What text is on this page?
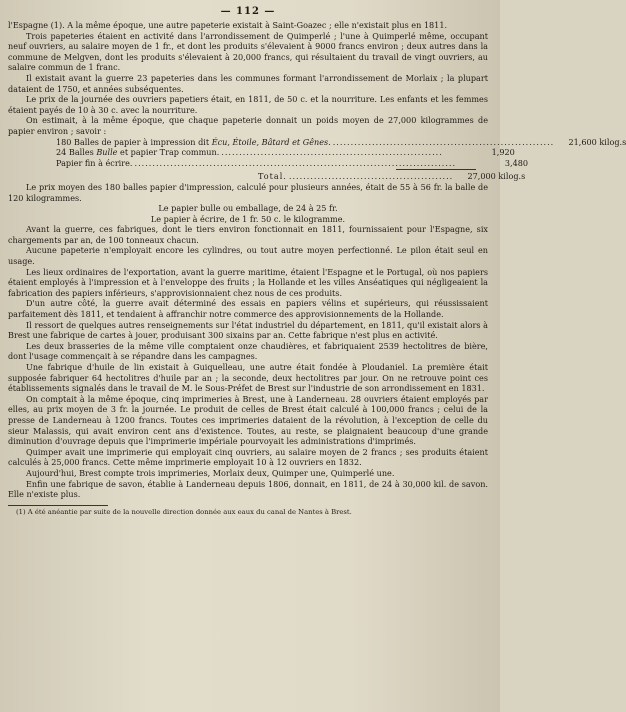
— 112 —

l'Espagne (1). A la même époque, une autre papeterie existait à Saint-Goazec ; elle n'existait plus en 1811.

Trois papeteries étaient en activité dans l'arrondissement de Quimperlé ; l'une à Quimperlé même, occupant neuf ouvriers, au salaire moyen de 1 fr., et dont les produits s'élevaient à 9000 francs environ ; deux autres dans la commune de Melgven, dont les produits s'élevaient à 20,000 francs, qui résultaient du travail de vingt ouvriers, au salaire commun de 1 franc.

Il existait avant la guerre 23 papeteries dans les communes formant l'arrondissement de Morlaix ; la plupart dataient de 1750, et années subséquentes.

Le prix de la journée des ouvriers papetiers était, en 1811, de 50 c. et la nourriture. Les enfants et les femmes étaient payés de 10 à 30 c. avec la nourriture.

On estimait, à la même époque, que chaque papeterie donnait un poids moyen de 27,000 kilogrammes de papier environ ; savoir :

180 Balles de papier à impression dit Écu, Étoile, Bâtard et Gênes. ..............................................................	21,600 kilog.s

24 Balles Bulle et papier Trap commun. ..............................................................	1,920

Papier fin à écrire. ..........................................................................................	3,480

Total. ..............................................	27,000 kilog.s

Le prix moyen des 180 balles papier d'impression, calculé pour plusieurs années, était de 55 à 56 fr. la balle de 120 kilogrammes.

Le papier bulle ou emballage, de 24 à 25 fr.

Le papier à écrire, de 1 fr. 50 c. le kilogramme.

Avant la guerre, ces fabriques, dont le tiers environ fonctionnait en 1811, fournissaient pour l'Espagne, six chargements par an, de 100 tonneaux chacun.

Aucune papeterie n'employait encore les cylindres, ou tout autre moyen perfectionné. Le pilon était seul en usage.

Les lieux ordinaires de l'exportation, avant la guerre maritime, étaient l'Espagne et le Portugal, où nos papiers étaient employés à l'impression et à l'enveloppe des fruits ; la Hollande et les villes Anséatiques qui négligeaient la fabrication des papiers inférieurs, s'approvisionnaient chez nous de ces produits.

D'un autre côté, la guerre avait déterminé des essais en papiers vélins et supérieurs, qui réussissaient parfaitement dès 1811, et tendaient à affranchir notre commerce des approvisionnements de la Hollande.

Il ressort de quelques autres renseignements sur l'état industriel du département, en 1811, qu'il existait alors à Brest une fabrique de cartes à jouer, produisant 300 sixains par an. Cette fabrique n'est plus en activité.

Les deux brasseries de la même ville comptaient onze chaudières, et fabriquaient 2539 hectolitres de bière, dont l'usage commençait à se répandre dans les campagnes.

Une fabrique d'huile de lin existait à Guiquelleau, une autre était fondée à Ploudaniel. La première était supposée fabriquer 64 hectolitres d'huile par an ; la seconde, deux hectolitres par jour. On ne retrouve point ces établissements signalés dans le travail de M. le Sous-Préfet de Brest sur l'industrie de son arrondissement en 1831.

On comptait à la même époque, cinq imprimeries à Brest, une à Landerneau. 28 ouvriers étaient employés par elles, au prix moyen de 3 fr. la journée. Le produit de celles de Brest était calculé à 100,000 francs ; celui de la presse de Landerneau à 1200 francs. Toutes ces imprimeries dataient de la révolution, à l'exception de celle du sieur Malassis, qui avait environ cent ans d'existence. Toutes, au reste, se plaignaient beaucoup d'une grande diminution d'ouvrage depuis que l'imprimerie impériale pourvoyait les administrations d'imprimés.

Quimper avait une imprimerie qui employait cinq ouvriers, au salaire moyen de 2 francs ; ses produits étaient calculés à 25,000 francs. Cette même imprimerie employait 10 à 12 ouvriers en 1832.

Aujourd'hui, Brest compte trois imprimeries, Morlaix deux, Quimper une, Quimperlé une.

Enfin une fabrique de savon, établie à Landerneau depuis 1806, donnait, en 1811, de 24 à 30,000 kil. de savon. Elle n'existe plus.

(1) A été anéantie par suite de la nouvelle direction donnée aux eaux du canal de Nantes à Brest.
